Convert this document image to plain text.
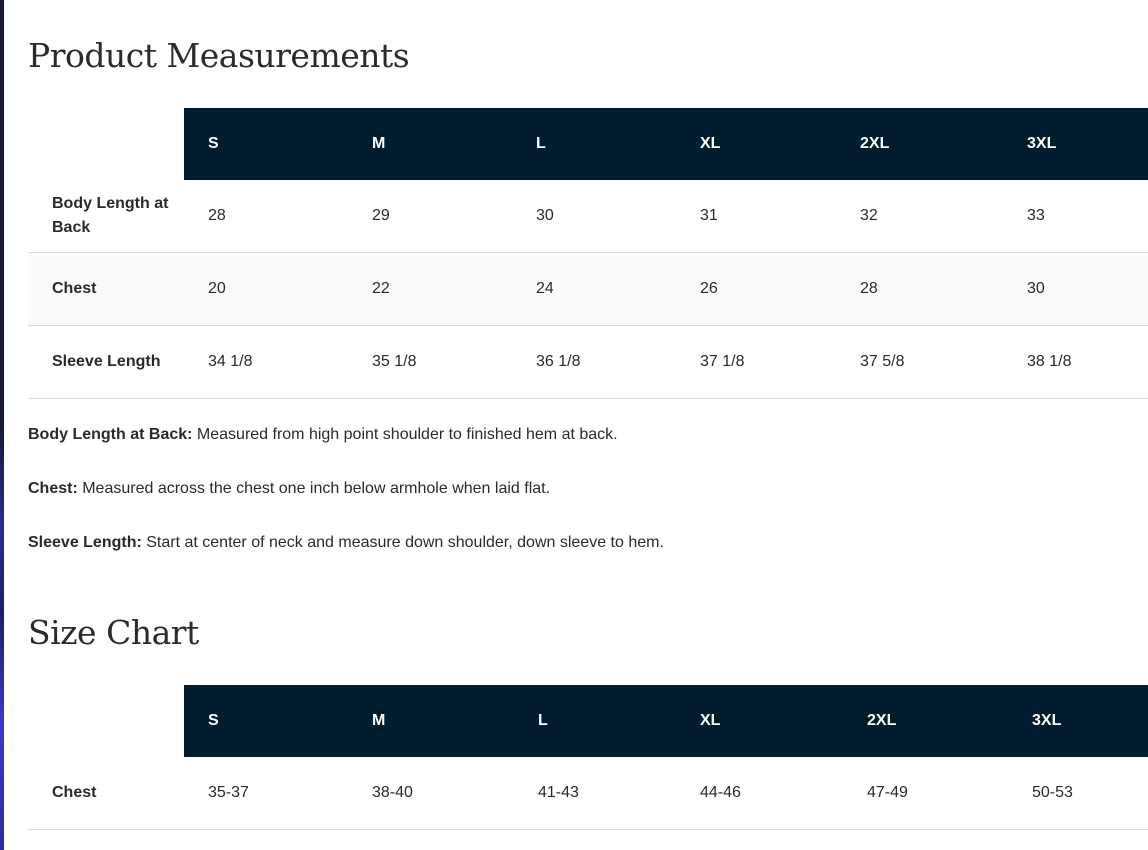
Product Measurements
	S	M	L	XL	2XL	3XL
Body Length at Back	28	29	30	31	32	33
Chest	20	22	24	26	28	30
Sleeve Length	34 1/8	35 1/8	36 1/8	37 1/8	37 5/8	38 1/8

Body Length at Back: Measured from high point shoulder to finished hem at back.

Chest: Measured across the chest one inch below armhole when laid flat.

Sleeve Length: Start at center of neck and measure down shoulder, down sleeve to hem.

Size Chart
	S	M	L	XL	2XL	3XL
Chest	35-37	38-40	41-43	44-46	47-49	50-53
